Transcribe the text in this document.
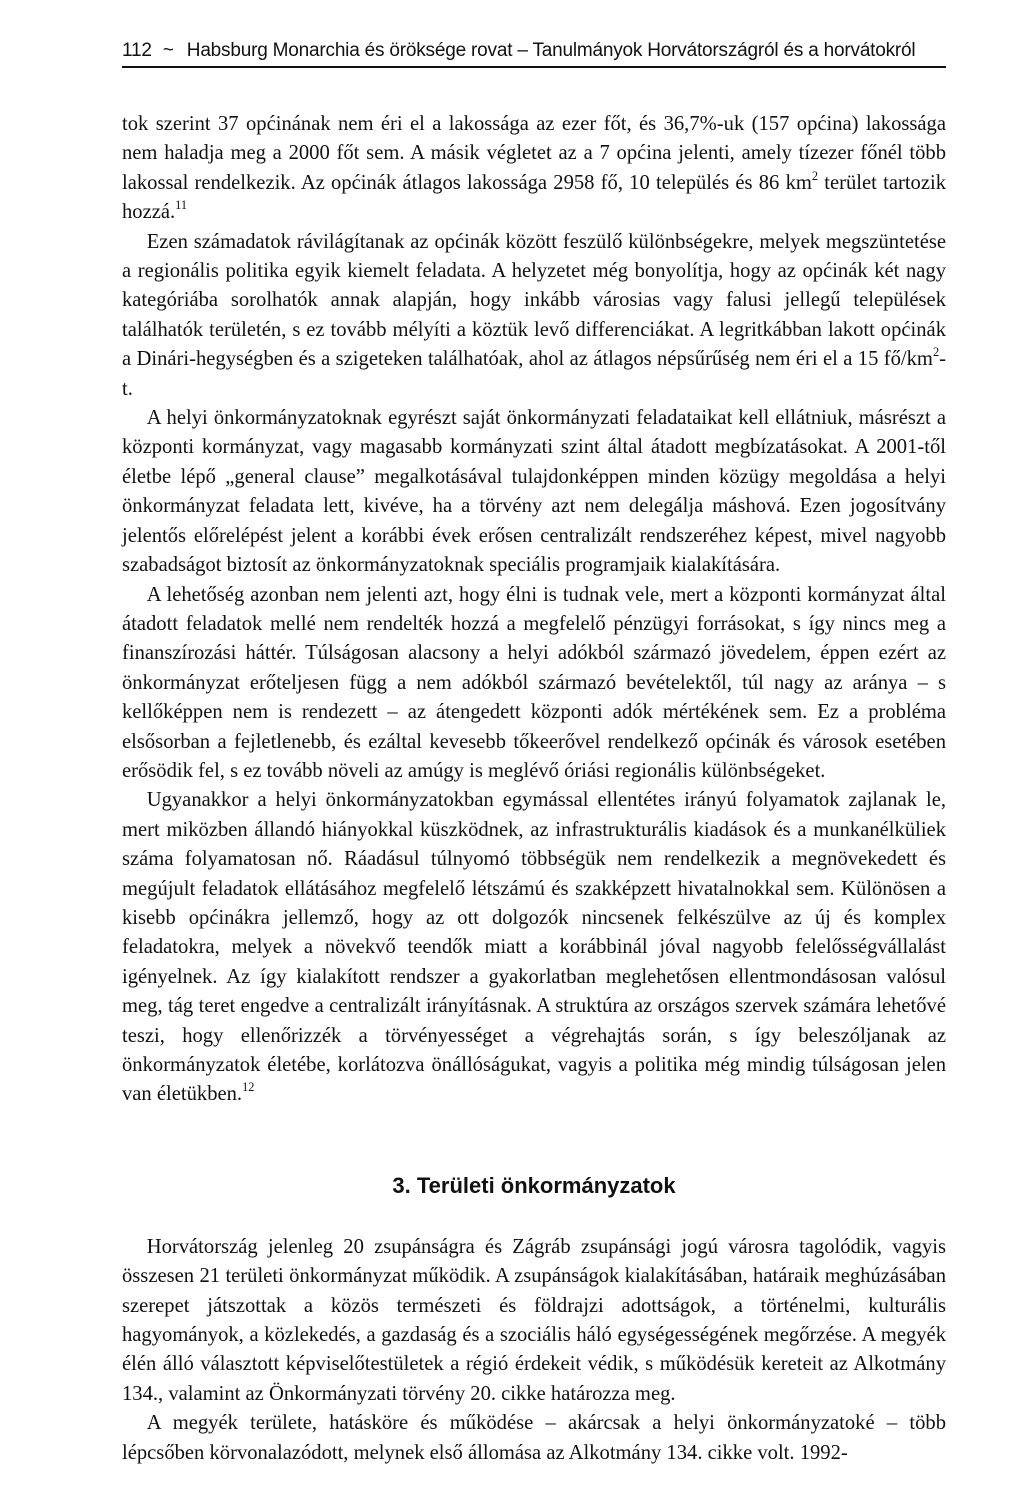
112 ~ Habsburg Monarchia és öröksége rovat – Tanulmányok Horvátországról és a horvátokról

tok szerint 37 općinának nem éri el a lakossága az ezer főt, és 36,7%-uk (157 općina) lakossága nem haladja meg a 2000 főt sem. A másik végletet az a 7 općina jelenti, amely tízezer főnél több lakossal rendelkezik. Az općinák átlagos lakossága 2958 fő, 10 település és 86 $km^2$ terület tartozik hozzá.$^{11}$

Ezen számadatok rávilágítanak az općinák között feszülő különbségekre, melyek megszüntetése a regionális politika egyik kiemelt feladata. A helyzetet még bonyolítja, hogy az općinák két nagy kategóriába sorolhatók annak alapján, hogy inkább városias vagy falusi jellegű települések találhatók területén, s ez tovább mélyíti a köztük levő differenciákat. A legritkábban lakott općinák a Dinári-hegységben és a szigeteken találhatóak, ahol az átlagos népsűrűség nem éri el a 15 $fő/km^2-t$.

A helyi önkormányzatoknak egyrészt saját önkormányzati feladataikat kell ellátniuk, másrészt a központi kormányzat, vagy magasabb kormányzati szint által átadott megbízatásokat. A 2001-től életbe lépő „general clause” megalkotásával tulajdonképpen minden közügy megoldása a helyi önkormányzat feladata lett, kivéve, ha a törvény azt nem delegálja máshová. Ezen jogosítvány jelentős előrelépést jelent a korábbi évek erősen centralizált rendszeréhez képest, mivel nagyobb szabadságot biztosít az önkormányzatoknak speciális programjaik kialakítására.

A lehetőség azonban nem jelenti azt, hogy élni is tudnak vele, mert a központi kormányzat által átadott feladatok mellé nem rendelték hozzá a megfelelő pénzügyi forrásokat, s így nincs meg a finanszírozási háttér. Túlságosan alacsony a helyi adókból származó jövedelem, éppen ezért az önkormányzat erőteljesen függ a nem adókból származó bevételektől, túl nagy az aránya – s kellőképpen nem is rendezett – az átengedett központi adók mértékének sem. Ez a probléma elsősorban a fejletlenebb, és ezáltal kevesebb tőkeerővel rendelkező općinák és városok esetében erősödik fel, s ez tovább növeli az amúgy is meglévő óriási regionális különbségeket.

Ugyanakkor a helyi önkormányzatokban egymással ellentétes irányú folyamatok zajlanak le, mert miközben állandó hiányokkal küszködnek, az infrastrukturális kiadások és a munkanélküliek száma folyamatosan nő. Ráadásul túlnyomó többségük nem rendelkezik a megnövekedett és megújult feladatok ellátásához megfelelő létszámú és szakképzett hivatalnokkal sem. Különösen a kisebb općinákra jellemző, hogy az ott dolgozók nincsenek felkészülve az új és komplex feladatokra, melyek a növekvő teendők miatt a korábbinál jóval nagyobb felelősségvállalást igényelnek. Az így kialakított rendszer a gyakorlatban meglehetősen ellentmondásosan valósul meg, tág teret engedve a centralizált irányításnak. A struktúra az országos szervek számára lehetővé teszi, hogy ellenőrizzék a törvényességet a végrehajtás során, s így beleszóljanak az önkormányzatok életébe, korlátozva önállóságukat, vagyis a politika még mindig túlságosan jelen van életükben.$^{12}$

3. Területi önkormányzatok

Horvátország jelenleg 20 zsupánságra és Zágráb zsupánsági jogú városra tagolódik, vagyis összesen 21 területi önkormányzat működik. A zsupánságok kialakításában, határaik meghúzásában szerepet játszottak a közös természeti és földrajzi adottságok, a történelmi, kulturális hagyományok, a közlekedés, a gazdaság és a szociális háló egységességének megőrzése. A megyék élén álló választott képviselőtestületek a régió érdekeit védik, s működésük kereteit az Alkotmány 134., valamint az Önkormányzati törvény 20. cikke határozza meg.

A megyék területe, hatásköre és működése – akárcsak a helyi önkormányzatoké – több lépcsőben körvonalazódott, melynek első állomása az Alkotmány 134. cikke volt. 1992-
